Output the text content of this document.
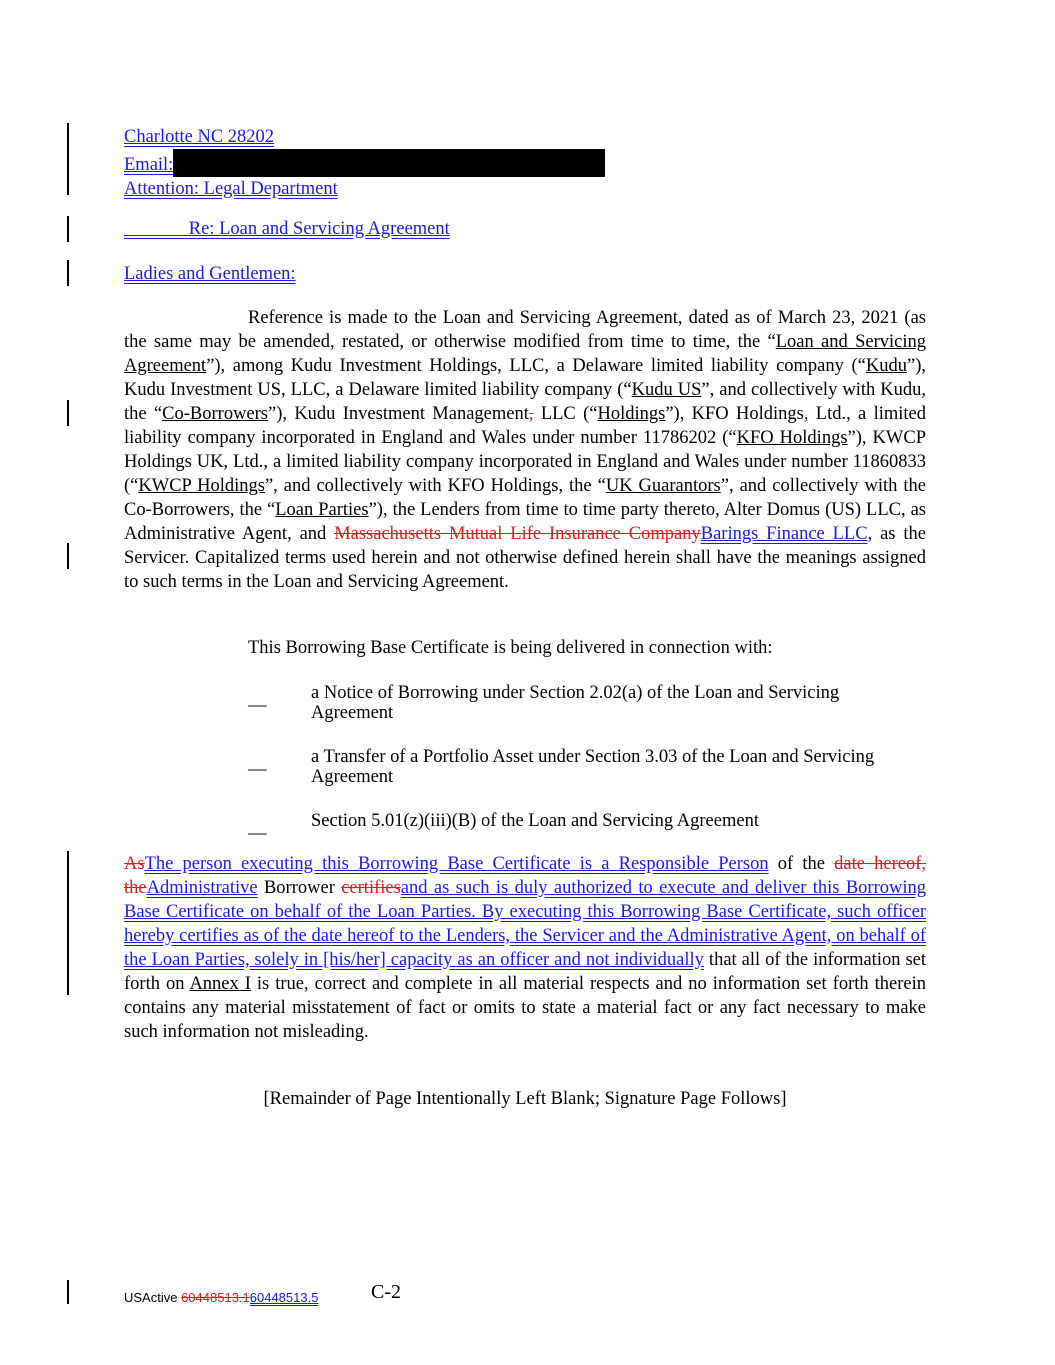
Charlotte NC 28202
Email:
Attention: Legal Department
Re: Loan and Servicing Agreement
Ladies and Gentlemen:
Reference is made to the Loan and Servicing Agreement, dated as of March 23, 2021 (as the same may be amended, restated, or otherwise modified from time to time, the “Loan and Servicing Agreement”), among Kudu Investment Holdings, LLC, a Delaware limited liability company (“Kudu”), Kudu Investment US, LLC, a Delaware limited liability company (“Kudu US”, and collectively with Kudu, the “Co-Borrowers”), Kudu Investment Management, LLC (“Holdings”), KFO Holdings, Ltd., a limited liability company incorporated in England and Wales under number 11786202 (“KFO Holdings”), KWCP Holdings UK, Ltd., a limited liability company incorporated in England and Wales under number 11860833 (“KWCP Holdings”, and collectively with KFO Holdings, the “UK Guarantors”, and collectively with the Co-Borrowers, the “Loan Parties”), the Lenders from time to time party thereto, Alter Domus (US) LLC, as Administrative Agent, and Massachusetts Mutual Life Insurance CompanyBarings Finance LLC, as the Servicer. Capitalized terms used herein and not otherwise defined herein shall have the meanings assigned to such terms in the Loan and Servicing Agreement.
This Borrowing Base Certificate is being delivered in connection with:
__ a Notice of Borrowing under Section 2.02(a) of the Loan and Servicing Agreement
__ a Transfer of a Portfolio Asset under Section 3.03 of the Loan and Servicing Agreement
__ Section 5.01(z)(iii)(B) of the Loan and Servicing Agreement
AsThe person executing this Borrowing Base Certificate is a Responsible Person of the date hereof, theAdministrative Borrower certifiesand as such is duly authorized to execute and deliver this Borrowing Base Certificate on behalf of the Loan Parties. By executing this Borrowing Base Certificate, such officer hereby certifies as of the date hereof to the Lenders, the Servicer and the Administrative Agent, on behalf of the Loan Parties, solely in [his/her] capacity as an officer and not individually that all of the information set forth on Annex I is true, correct and complete in all material respects and no information set forth therein contains any material misstatement of fact or omits to state a material fact or any fact necessary to make such information not misleading.
[Remainder of Page Intentionally Left Blank; Signature Page Follows]
USActive 60448513.160448513.5	C-2
